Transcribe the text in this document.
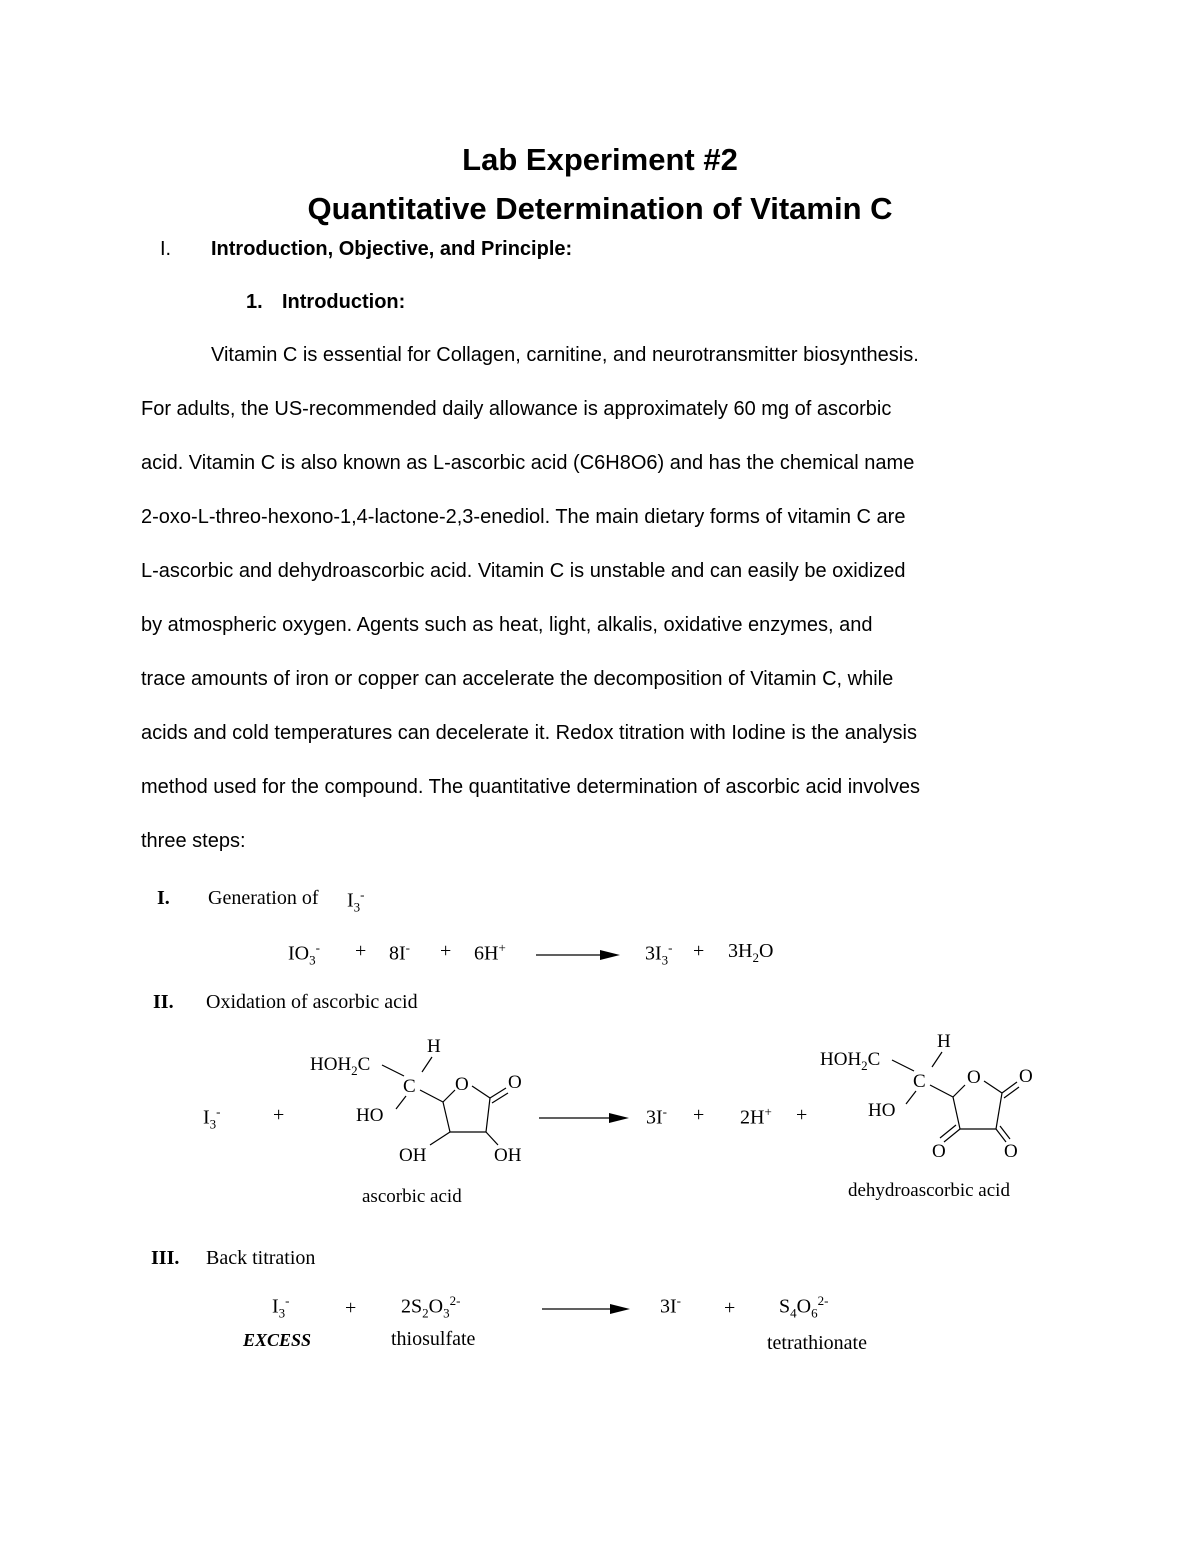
Lab Experiment #2
Quantitative Determination of Vitamin C
I. Introduction, Objective, and Principle:
1. Introduction:
Vitamin C is essential for Collagen, carnitine, and neurotransmitter biosynthesis.
For adults, the US-recommended daily allowance is approximately 60 mg of ascorbic
acid. Vitamin C is also known as L-ascorbic acid (C6H8O6) and has the chemical name
2-oxo-L-threo-hexono-1,4-lactone-2,3-enediol. The main dietary forms of vitamin C are
L-ascorbic and dehydroascorbic acid. Vitamin C is unstable and can easily be oxidized
by atmospheric oxygen. Agents such as heat, light, alkalis, oxidative enzymes, and
trace amounts of iron or copper can accelerate the decomposition of Vitamin C, while
acids and cold temperatures can decelerate it. Redox titration with Iodine is the analysis
method used for the compound. The quantitative determination of ascorbic acid involves
three steps:
I. Generation of $I_3^-$
$IO_3^- + 8I^- + 6H^+$	$3I_3^- + 3H_2O$
II. Oxidation of ascorbic acid
$I_3^-$	+
$HOH_2C$
H
C
HO
O O
OH	OH
ascorbic acid
3I- + 2H+ +
$HOH_2C$
H
C
HO
O O
O	O
dehydroascorbic acid
III. Back titration
$I_3^-$
EXCESS
+ $2S_2O_3^{2-}$
thiosulfate
$3I^- + S_4O_6^{2-}$
tetrathionate
